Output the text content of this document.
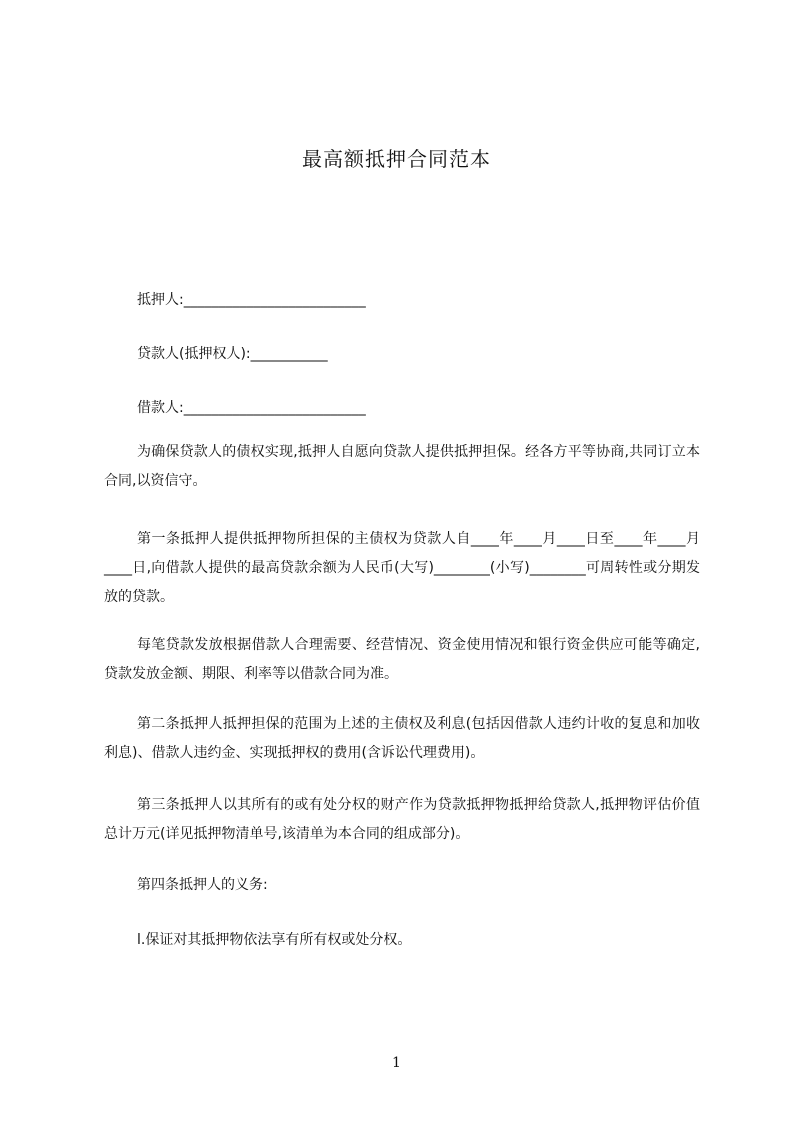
最高额抵押合同范本
抵押人:__________________________
贷款人(抵押权人):___________
借款人:__________________________

为确保贷款人的债权实现,抵押人自愿向贷款人提供抵押担保。经各方平等协商,共同订立本合同,以资信守。

第一条抵押人提供抵押物所担保的主债权为贷款人自____年____月____日至____年____月____日,向借款人提供的最高贷款余额为人民币(大写)________(小写)________可周转性或分期发放的贷款。

每笔贷款发放根据借款人合理需要、经营情况、资金使用情况和银行资金供应可能等确定,贷款发放金额、期限、利率等以借款合同为准。

第二条抵押人抵押担保的范围为上述的主债权及利息(包括因借款人违约计收的复息和加收利息)、借款人违约金、实现抵押权的费用(含诉讼代理费用)。

第三条抵押人以其所有的或有处分权的财产作为贷款抵押物抵押给贷款人,抵押物评估价值总计万元(详见抵押物清单号,该清单为本合同的组成部分)。

第四条抵押人的义务:
l.保证对其抵押物依法享有所有权或处分权。
1
